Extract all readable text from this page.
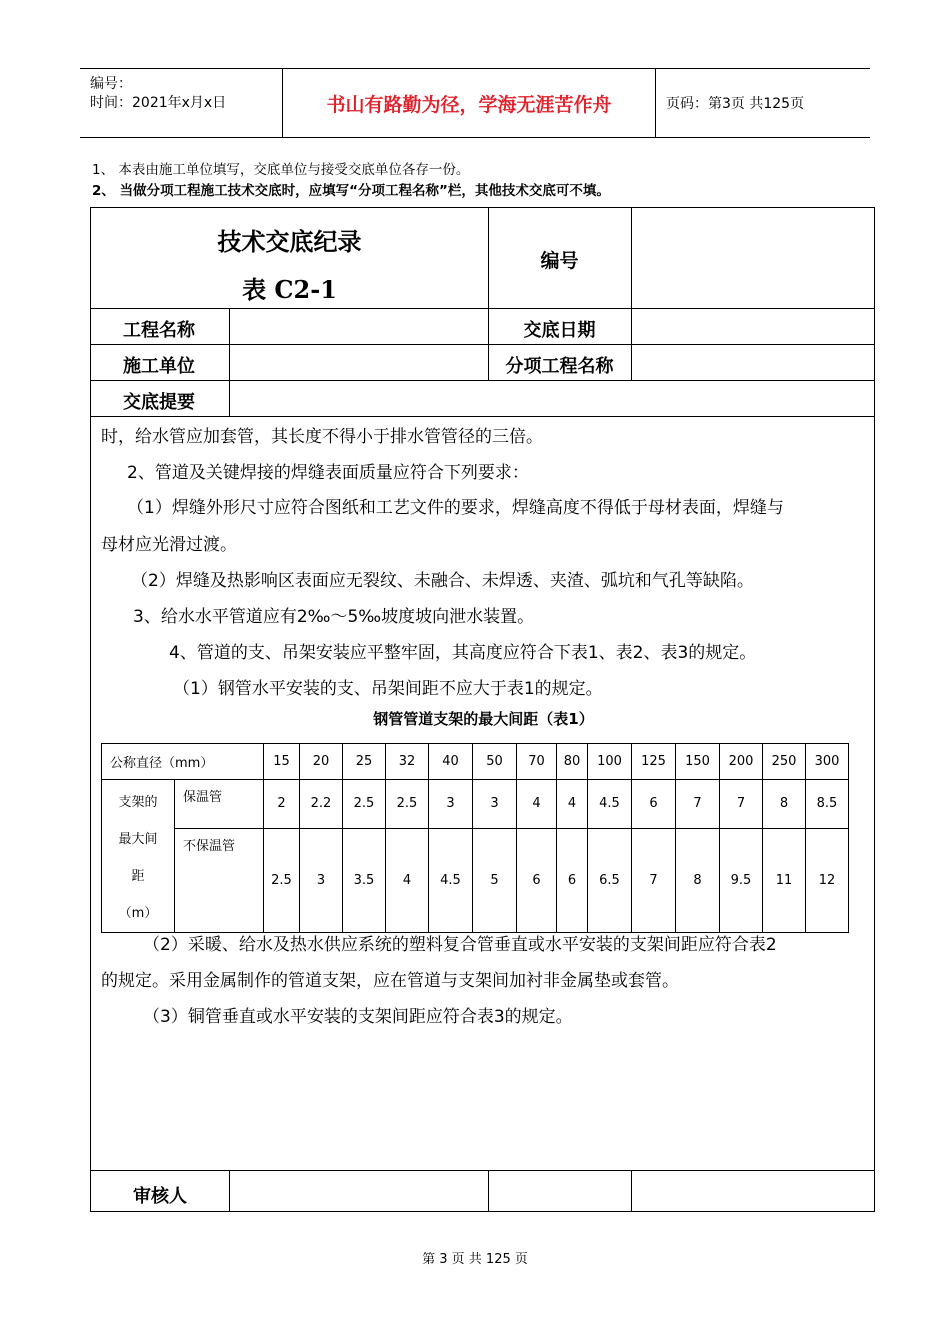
编号：
时间：2021年x月x日	书山有路勤为径，学海无涯苦作舟	页码：第3页 共125页
1、 本表由施工单位填写，交底单位与接受交底单位各存一份。
2、 当做分项工程施工技术交底时，应填写“分项工程名称”栏，其他技术交底可不填。
技术交底纪录
表 C2-1
编号
工程名称	交底日期
施工单位	分项工程名称
交底提要
时，给水管应加套管，其长度不得小于排水管管径的三倍。
2、管道及关键焊接的焊缝表面质量应符合下列要求：
（1）焊缝外形尺寸应符合图纸和工艺文件的要求，焊缝高度不得低于母材表面，焊缝与
母材应光滑过渡。
（2）焊缝及热影响区表面应无裂纹、未融合、未焊透、夹渣、弧坑和气孔等缺陷。
3、给水水平管道应有2‰～5‰坡度坡向泄水装置。
4、管道的支、吊架安装应平整牢固，其高度应符合下表1、表2、表3的规定。
（1）钢管水平安装的支、吊架间距不应大于表1的规定。
（2）采暖、给水及热水供应系统的塑料复合管垂直或水平安装的支架间距应符合表2
的规定。采用金属制作的管道支架，应在管道与支架间加衬非金属垫或套管。
（3）铜管垂直或水平安装的支架间距应符合表3的规定。
钢管管道支架的最大间距（表1）
公称直径（mm）		15	20	25	32	40	50	70	80	100	125	150	200	250	300

支架的
最大间
距
（m）	保温管	2	2.2	2.5	2.5	3	3	4	4	4.5	6	7	7	8	8.5
	不保温管	2.5	3	3.5	4	4.5	5	6	6	6.5	7	8	9.5	11	12
审核人
第 3 页 共 125 页
